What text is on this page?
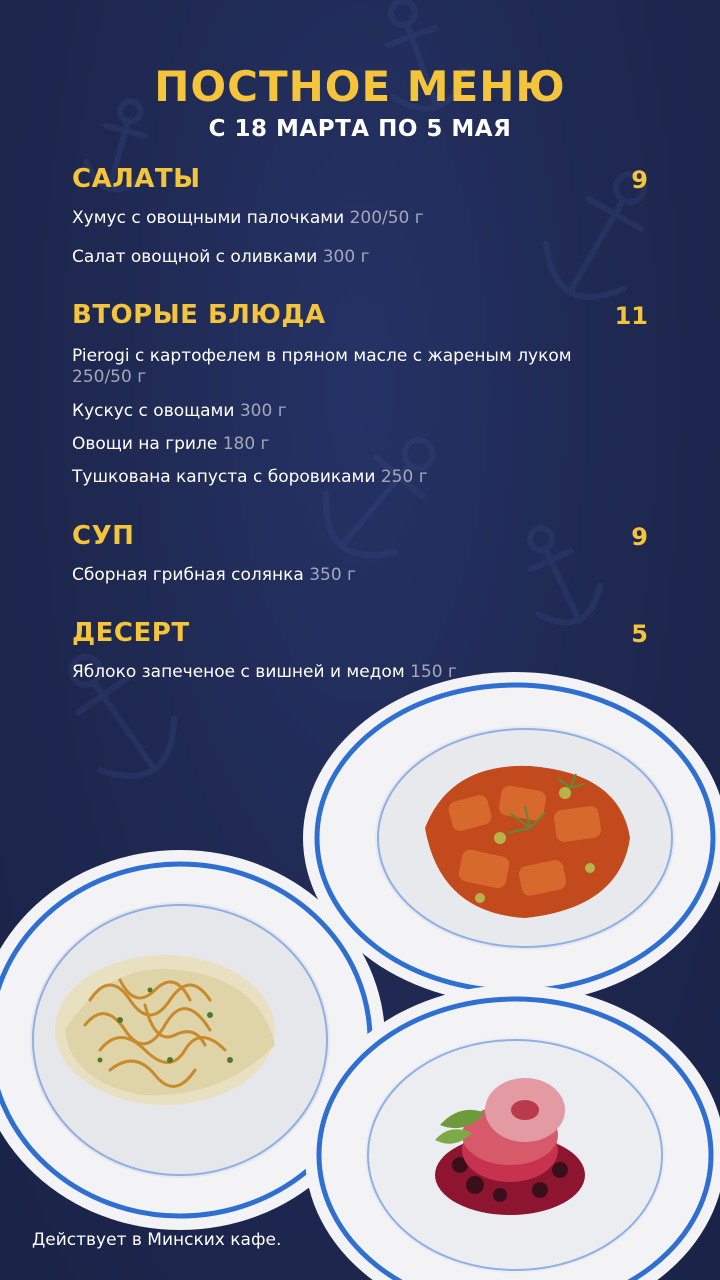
ПОСТНОЕ МЕНЮ
С 18 МАРТА ПО 5 МАЯ
САЛАТЫ	9
Хумус с овощными палочками 200/50 г
Салат овощной с оливками 300 г
ВТОРЫЕ БЛЮДА	11
Pierogi с картофелем в пряном масле с жареным луком
250/50 г
Кускус с овощами 300 г
Овощи на гриле 180 г
Тушкована капуста с боровиками 250 г
СУП	9
Сборная грибная солянка 350 г
ДЕСЕРТ	5
Яблоко запеченое с вишней и медом 150 г
Действует в Минских кафе.
